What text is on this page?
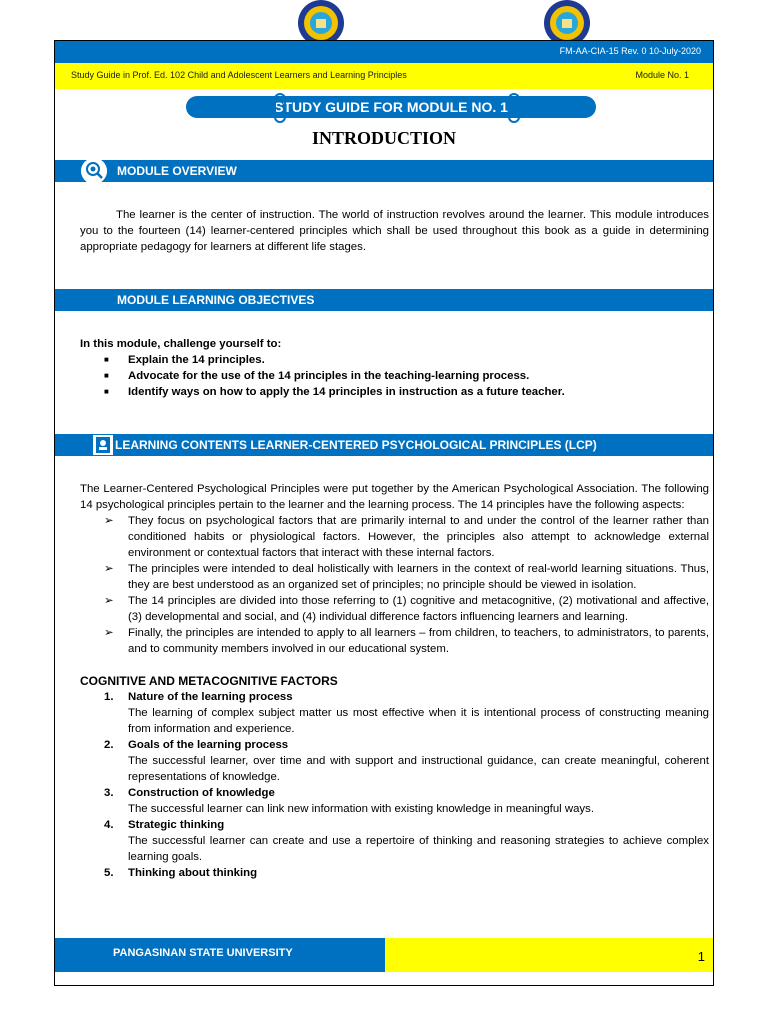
FM-AA-CIA-15 Rev. 0 10-July-2020
Study Guide in Prof. Ed. 102 Child and Adolescent Learners and Learning Principles	Module No. 1
STUDY GUIDE FOR MODULE NO. 1
INTRODUCTION
MODULE OVERVIEW
The learner is the center of instruction. The world of instruction revolves around the learner. This module introduces you to the fourteen (14) learner-centered principles which shall be used throughout this book as a guide in determining appropriate pedagogy for learners at different life stages.
MODULE LEARNING OBJECTIVES
In this module, challenge yourself to:
■ Explain the 14 principles.
■ Advocate for the use of the 14 principles in the teaching-learning process.
■ Identify ways on how to apply the 14 principles in instruction as a future teacher.
LEARNING CONTENTS LEARNER-CENTERED PSYCHOLOGICAL PRINCIPLES (LCP)
The Learner-Centered Psychological Principles were put together by the American Psychological Association. The following 14 psychological principles pertain to the learner and the learning process. The 14 principles have the following aspects:
➢ They focus on psychological factors that are primarily internal to and under the control of the learner rather than conditioned habits or physiological factors. However, the principles also attempt to acknowledge external environment or contextual factors that interact with these internal factors.
➢ The principles were intended to deal holistically with learners in the context of real-world learning situations. Thus, they are best understood as an organized set of principles; no principle should be viewed in isolation.
➢ The 14 principles are divided into those referring to (1) cognitive and metacognitive, (2) motivational and affective, (3) developmental and social, and (4) individual difference factors influencing learners and learning.
➢ Finally, the principles are intended to apply to all learners – from children, to teachers, to administrators, to parents, and to community members involved in our educational system.
COGNITIVE AND METACOGNITIVE FACTORS
1. Nature of the learning process
The learning of complex subject matter us most effective when it is intentional process of constructing meaning from information and experience.
2. Goals of the learning process
The successful learner, over time and with support and instructional guidance, can create meaningful, coherent representations of knowledge.
3. Construction of knowledge
The successful learner can link new information with existing knowledge in meaningful ways.
4. Strategic thinking
The successful learner can create and use a repertoire of thinking and reasoning strategies to achieve complex learning goals.
5. Thinking about thinking
PANGASINAN STATE UNIVERSITY	1
